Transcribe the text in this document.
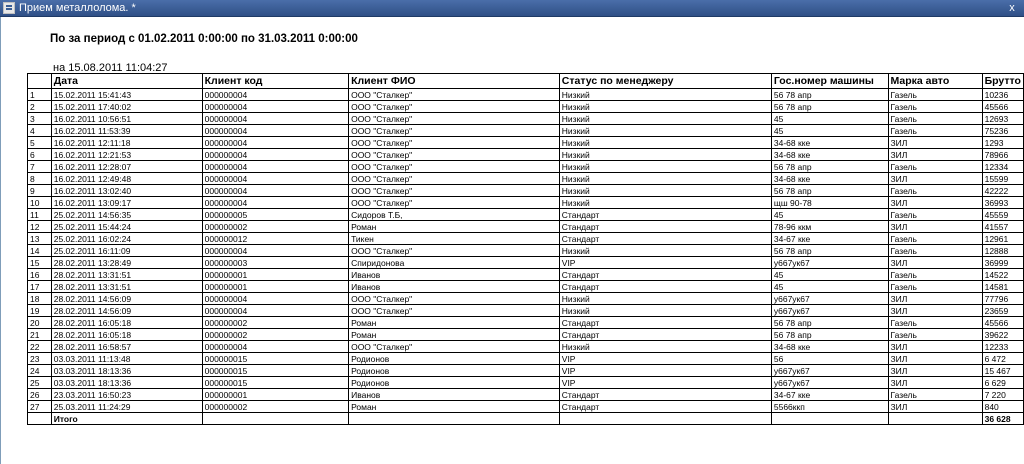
Прием металлолома. *	x
По за период с 01.02.2011 0:00:00 по 31.03.2011 0:00:00
на 15.08.2011 11:04:27
	Дата	Клиент код	Клиент ФИО	Статус по менеджеру	Гос.номер машины	Марка авто	Брутто
1	15.02.2011 15:41:43	000000004	ООО "Сталкер"	Низкий	56 78 апр	Газель	10236
2	15.02.2011 17:40:02	000000004	ООО "Сталкер"	Низкий	56 78 апр	Газель	45566
3	16.02.2011 10:56:51	000000004	ООО "Сталкер"	Низкий	45	Газель	12693
4	16.02.2011 11:53:39	000000004	ООО "Сталкер"	Низкий	45	Газель	75236
5	16.02.2011 12:11:18	000000004	ООО "Сталкер"	Низкий	34-68 кке	ЗИЛ	1293
6	16.02.2011 12:21:53	000000004	ООО "Сталкер"	Низкий	34-68 кке	ЗИЛ	78966
7	16.02.2011 12:28:07	000000004	ООО "Сталкер"	Низкий	56 78 апр	Газель	12334
8	16.02.2011 12:49:48	000000004	ООО "Сталкер"	Низкий	34-68 кке	ЗИЛ	15599
9	16.02.2011 13:02:40	000000004	ООО "Сталкер"	Низкий	56 78 апр	Газель	42222
10	16.02.2011 13:09:17	000000004	ООО "Сталкер"	Низкий	щш 90-78	ЗИЛ	36993
11	25.02.2011 14:56:35	000000005	Сидоров Т.Б,	Стандарт	45	Газель	45559
12	25.02.2011 15:44:24	000000002	Роман	Стандарт	78-96 ккм	ЗИЛ	41557
13	25.02.2011 16:02:24	000000012	Тикен	Стандарт	34-67 кке	Газель	12961
14	25.02.2011 16:11:09	000000004	ООО "Сталкер"	Низкий	56 78 апр	Газель	12888
15	28.02.2011 13:28:49	000000003	Спиридонова	VIP	у667ук67	ЗИЛ	36999
16	28.02.2011 13:31:51	000000001	Иванов	Стандарт	45	Газель	14522
17	28.02.2011 13:31:51	000000001	Иванов	Стандарт	45	Газель	14581
18	28.02.2011 14:56:09	000000004	ООО "Сталкер"	Низкий	у667ук67	ЗИЛ	77796
19	28.02.2011 14:56:09	000000004	ООО "Сталкер"	Низкий	у667ук67	ЗИЛ	23659
20	28.02.2011 16:05:18	000000002	Роман	Стандарт	56 78 апр	Газель	45566
21	28.02.2011 16:05:18	000000002	Роман	Стандарт	56 78 апр	Газель	39622
22	28.02.2011 16:58:57	000000004	ООО "Сталкер"	Низкий	34-68 кке	ЗИЛ	12233
23	03.03.2011 11:13:48	000000015	Родионов	VIP	56	ЗИЛ	6 472
24	03.03.2011 18:13:36	000000015	Родионов	VIP	у667ук67	ЗИЛ	15 467
25	03.03.2011 18:13:36	000000015	Родионов	VIP	у667ук67	ЗИЛ	6 629
26	23.03.2011 16:50:23	000000001	Иванов	Стандарт	34-67 кке	Газель	7 220
27	25.03.2011 11:24:29	000000002	Роман	Стандарт	5566ккп	ЗИЛ	840
	Итого						36 628
